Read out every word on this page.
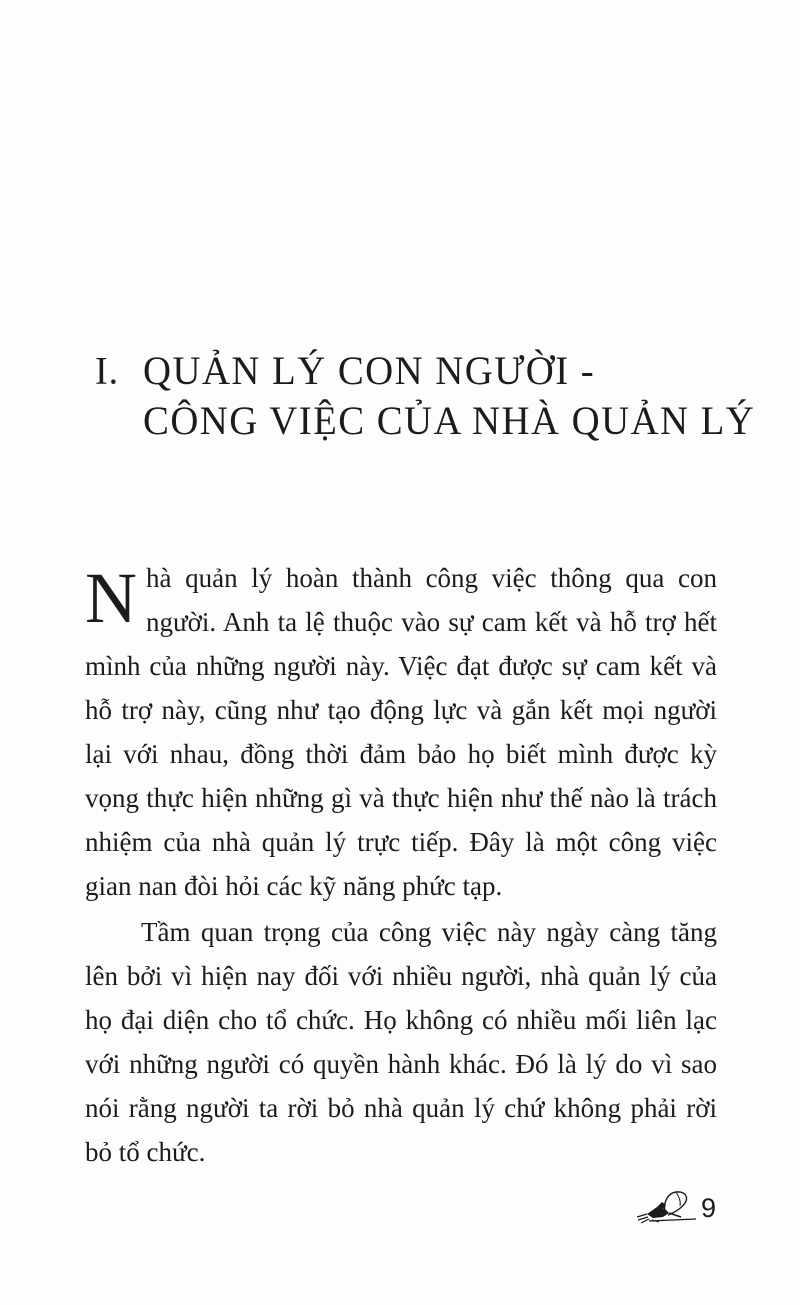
I. QUẢN LÝ CON NGƯỜI -
CÔNG VIỆC CỦA NHÀ QUẢN LÝ

Nhà quản lý hoàn thành công việc thông qua con người. Anh ta lệ thuộc vào sự cam kết và hỗ trợ hết mình của những người này. Việc đạt được sự cam kết và hỗ trợ này, cũng như tạo động lực và gắn kết mọi người lại với nhau, đồng thời đảm bảo họ biết mình được kỳ vọng thực hiện những gì và thực hiện như thế nào là trách nhiệm của nhà quản lý trực tiếp. Đây là một công việc gian nan đòi hỏi các kỹ năng phức tạp.

Tầm quan trọng của công việc này ngày càng tăng lên bởi vì hiện nay đối với nhiều người, nhà quản lý của họ đại diện cho tổ chức. Họ không có nhiều mối liên lạc với những người có quyền hành khác. Đó là lý do vì sao nói rằng người ta rời bỏ nhà quản lý chứ không phải rời bỏ tổ chức.

9
